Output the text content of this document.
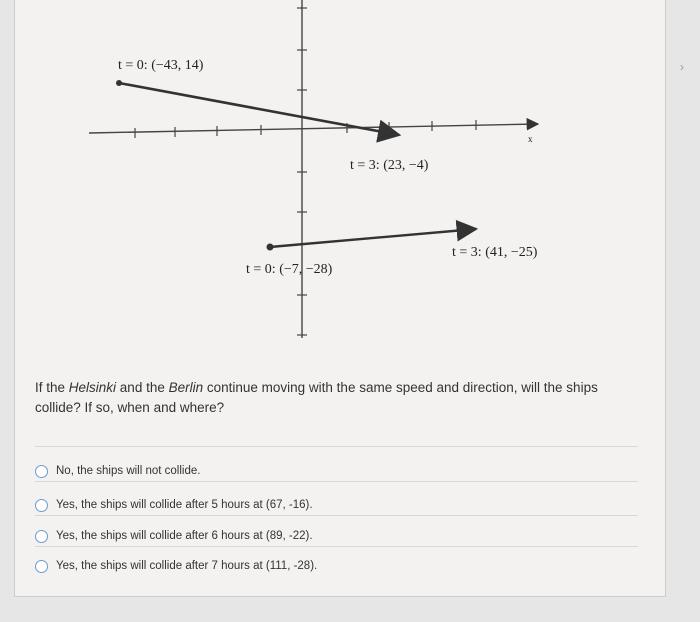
›
t = 0: (−43, 14)
t = 3: (23, −4)
t = 0: (−7, −28)
t = 3: (41, −25)
x
If the Helsinki and the Berlin continue moving with the same speed and direction, will the ships collide? If so, when and where?
No, the ships will not collide.
Yes, the ships will collide after 5 hours at (67, -16).
Yes, the ships will collide after 6 hours at (89, -22).
Yes, the ships will collide after 7 hours at (111, -28).
